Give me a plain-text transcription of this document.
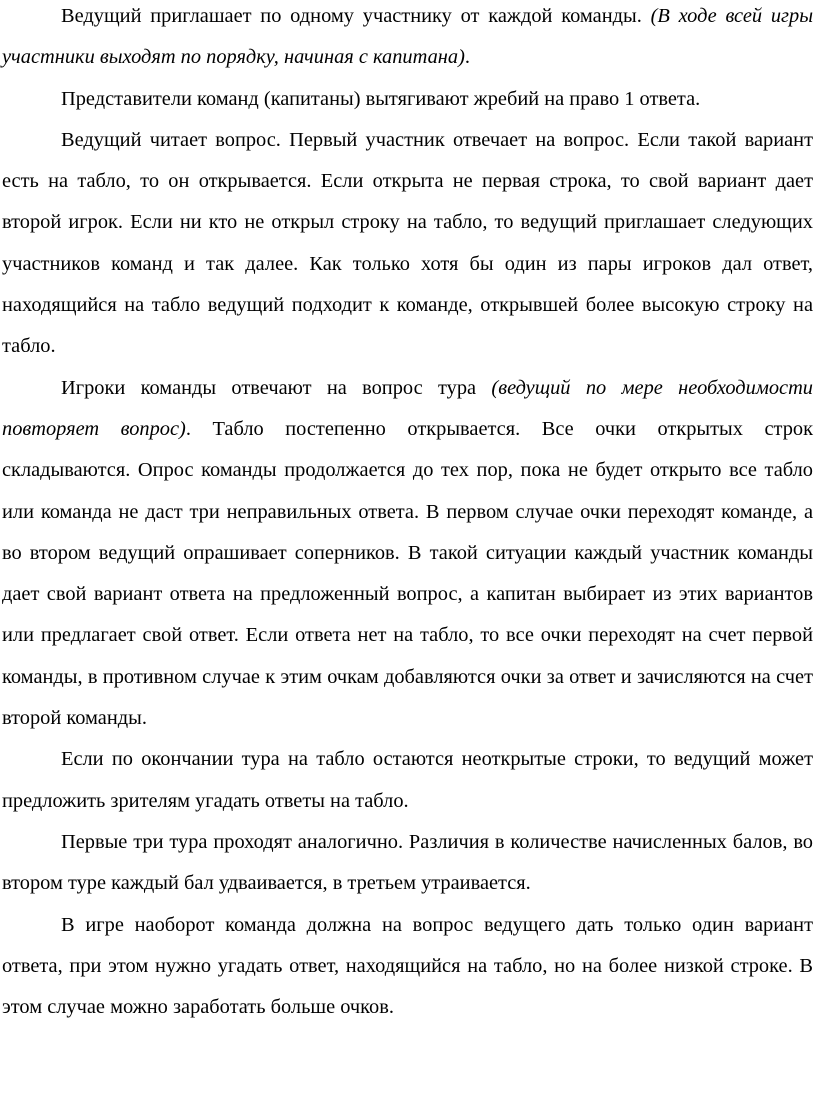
Ведущий приглашает по одному участнику от каждой команды. (В ходе всей игры участники выходят по порядку, начиная с капитана).

Представители команд (капитаны) вытягивают жребий на право 1 ответа.

Ведущий читает вопрос. Первый участник отвечает на вопрос. Если такой вариант есть на табло, то он открывается. Если открыта не первая строка, то свой вариант дает второй игрок. Если ни кто не открыл строку на табло, то ведущий приглашает следующих участников команд и так далее. Как только хотя бы один из пары игроков дал ответ, находящийся на табло ведущий подходит к команде, открывшей более высокую строку на табло.

Игроки команды отвечают на вопрос тура (ведущий по мере необходимости повторяет вопрос). Табло постепенно открывается. Все очки открытых строк складываются. Опрос команды продолжается до тех пор, пока не будет открыто все табло или команда не даст три неправильных ответа. В первом случае очки переходят команде, а во втором ведущий опрашивает соперников. В такой ситуации каждый участник команды дает свой вариант ответа на предложенный вопрос, а капитан выбирает из этих вариантов или предлагает свой ответ. Если ответа нет на табло, то все очки переходят на счет первой команды, в противном случае к этим очкам добавляются очки за ответ и зачисляются на счет второй команды.

Если по окончании тура на табло остаются неоткрытые строки, то ведущий может предложить зрителям угадать ответы на табло.

Первые три тура проходят аналогично. Различия в количестве начисленных балов, во втором туре каждый бал удваивается, в третьем утраивается.

В игре наоборот команда должна на вопрос ведущего дать только один вариант ответа, при этом нужно угадать ответ, находящийся на табло, но на более низкой строке. В этом случае можно заработать больше очков.
